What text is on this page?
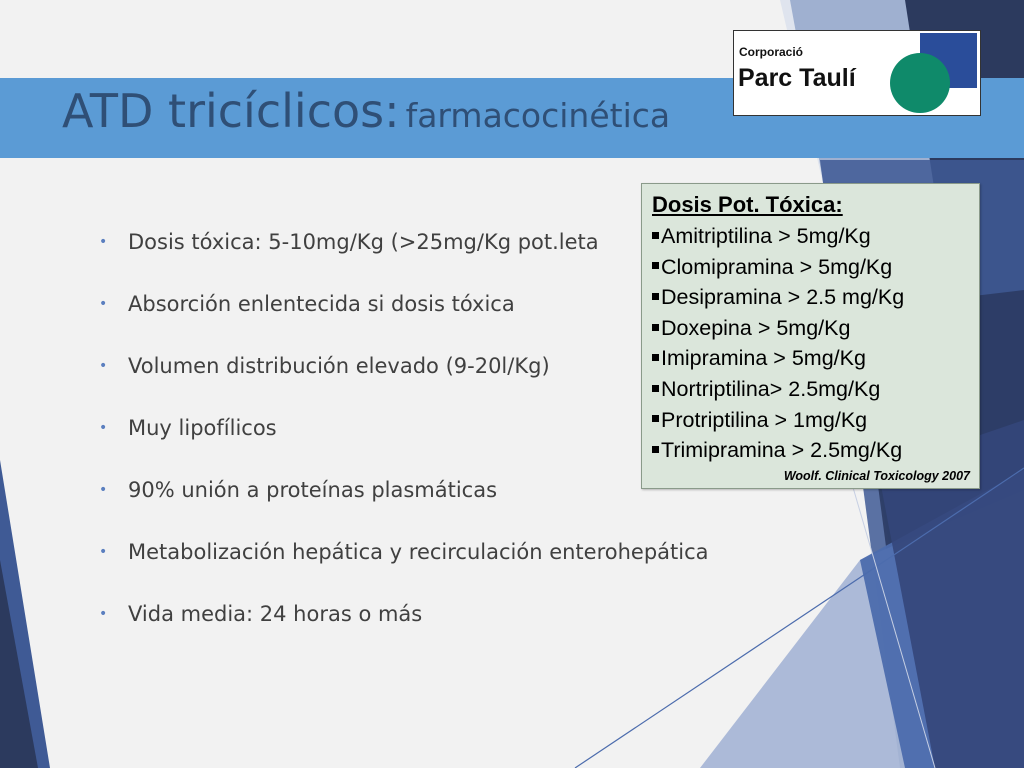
ATD tricíclicos: farmacocinética
Corporació
Parc Taulí
• Dosis tóxica: 5-10mg/Kg (>25mg/Kg pot.leta
• Absorción enlentecida si dosis tóxica
• Volumen distribución elevado (9-20l/Kg)
• Muy lipofílicos
• 90% unión a proteínas plasmáticas
• Metabolización hepática y recirculación enterohepática
• Vida media: 24 horas o más
Dosis Pot. Tóxica:
Amitriptilina > 5mg/Kg
Clomipramina > 5mg/Kg
Desipramina > 2.5 mg/Kg
Doxepina > 5mg/Kg
Imipramina > 5mg/Kg
Nortriptilina> 2.5mg/Kg
Protriptilina > 1mg/Kg
Trimipramina > 2.5mg/Kg
Woolf. Clinical Toxicology 2007
